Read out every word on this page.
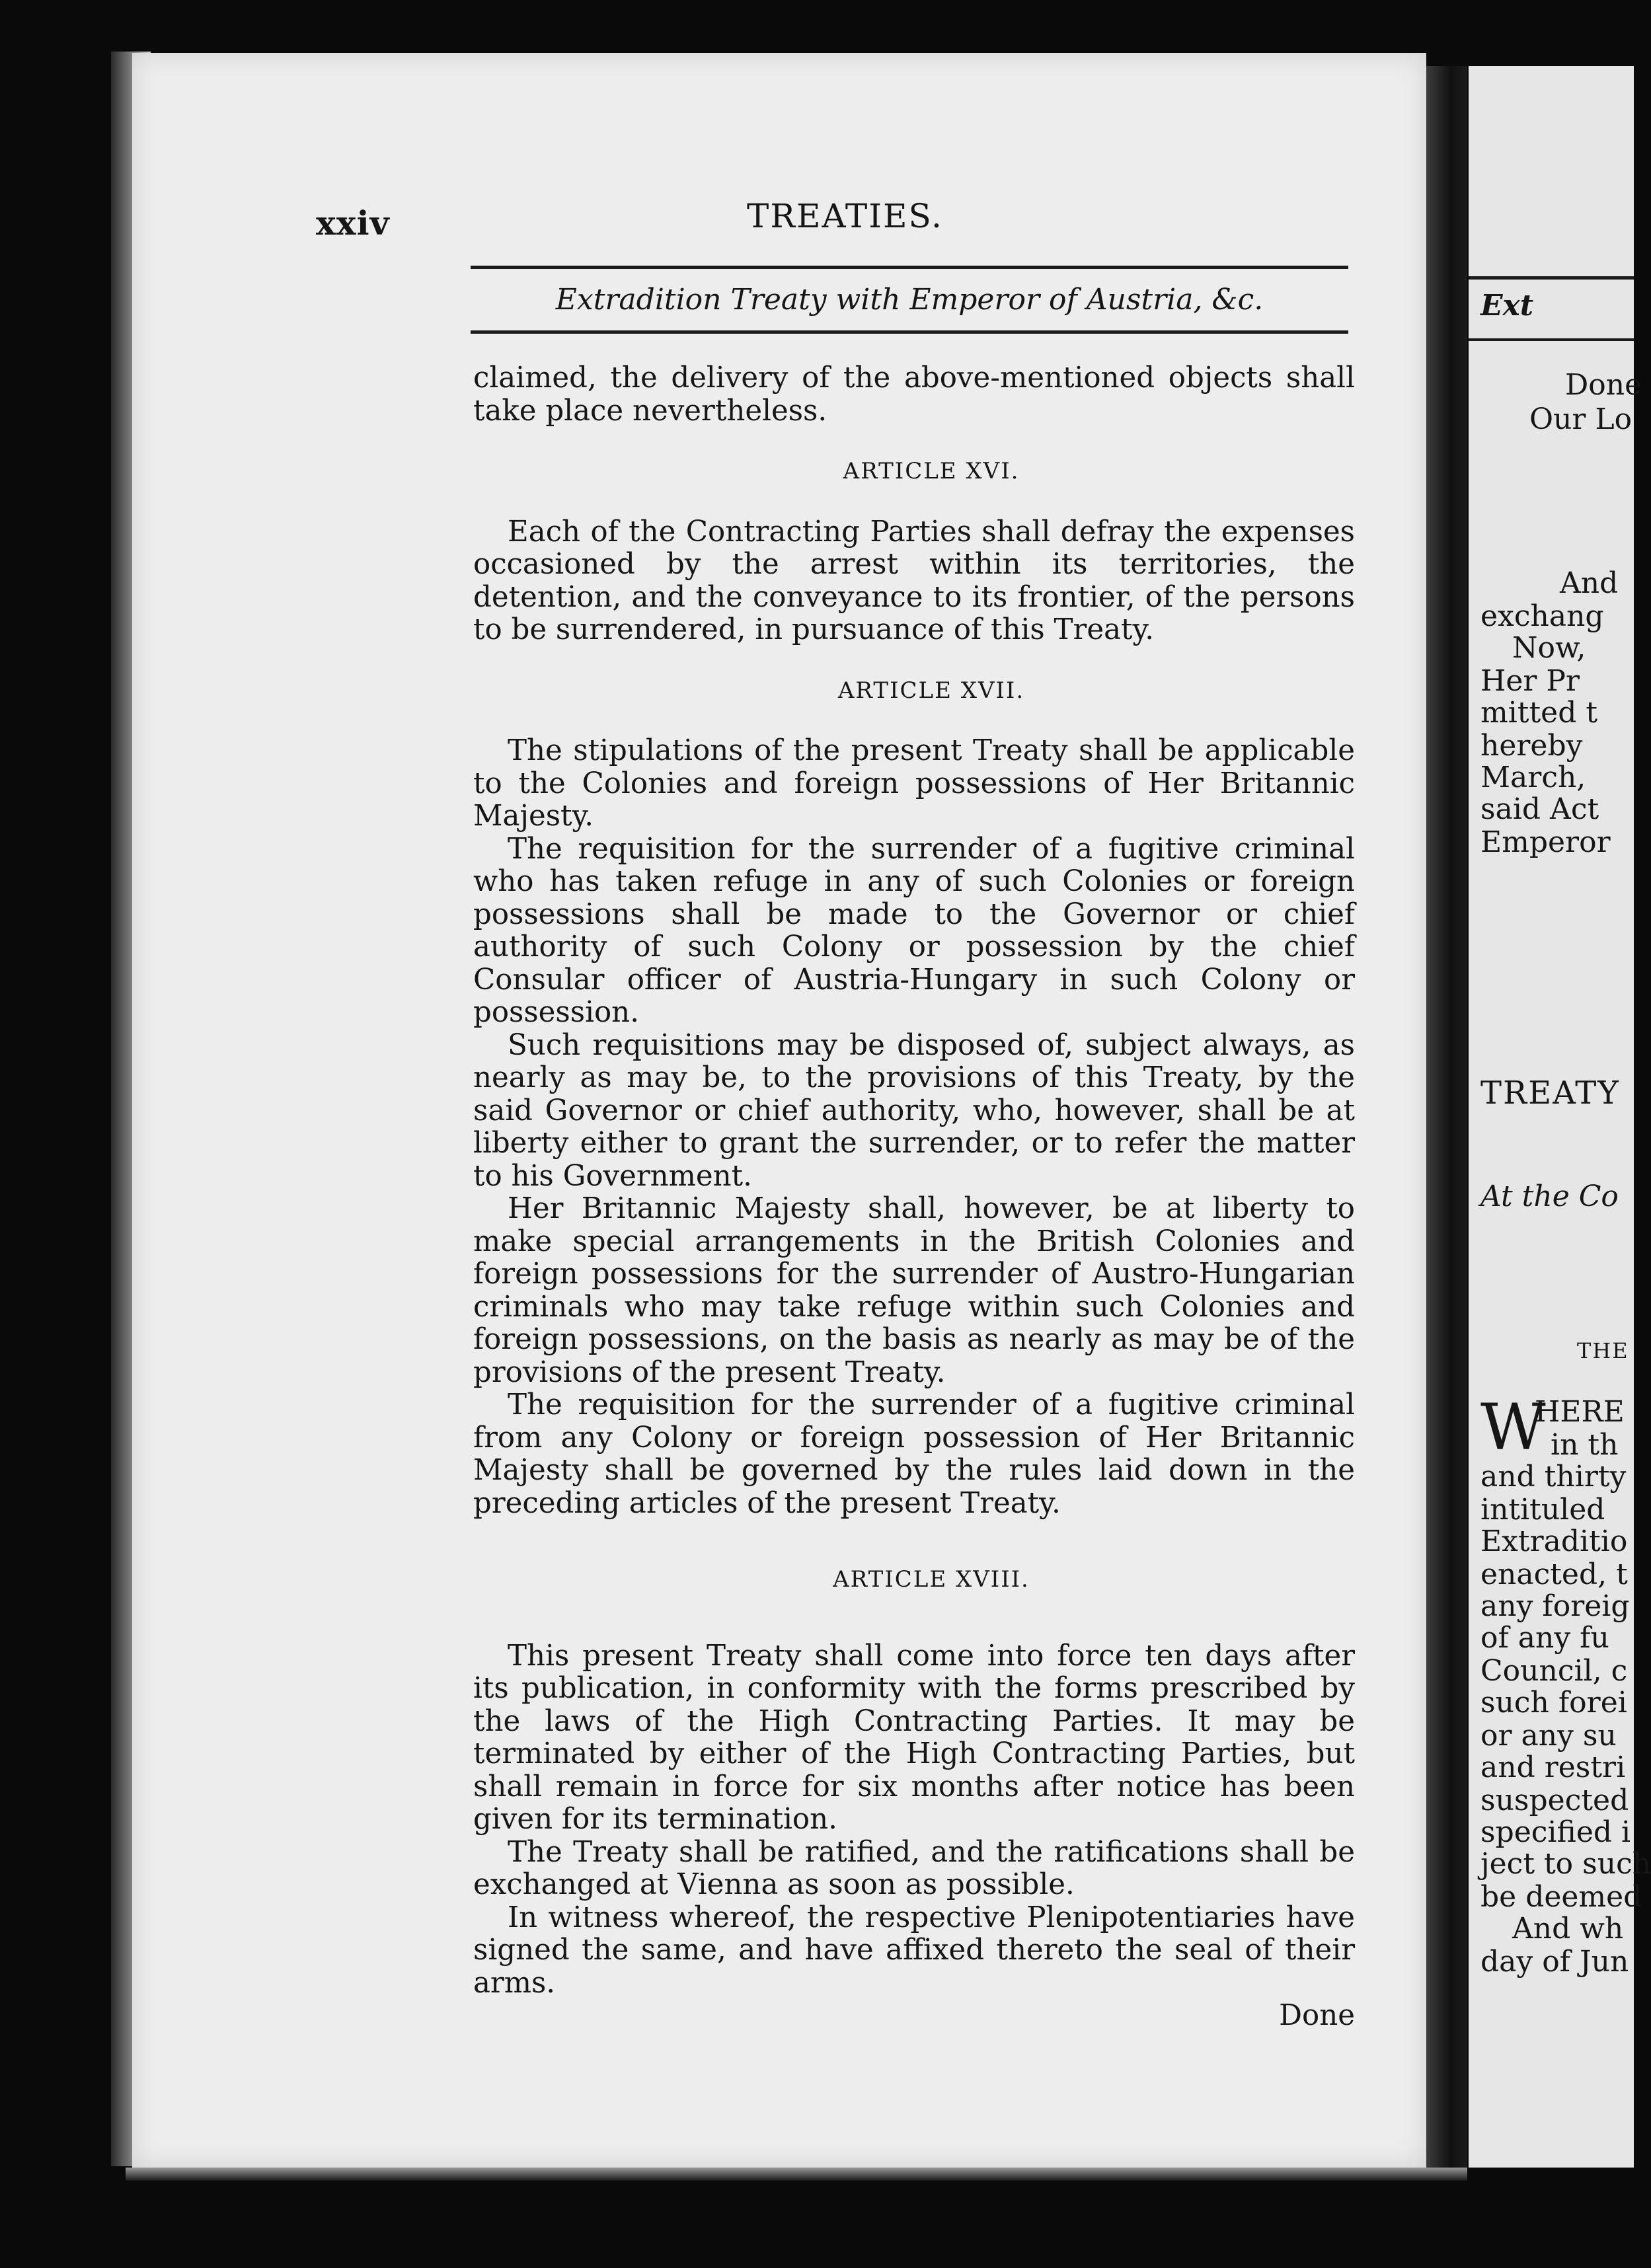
xxiv	TREATIES.
Extradition Treaty with Emperor of Austria, &c.

claimed, the delivery of the above-mentioned objects shall take place nevertheless.

ARTICLE XVI.

Each of the Contracting Parties shall defray the expenses occasioned by the arrest within its territories, the detention, and the conveyance to its frontier, of the persons to be surrendered, in pursuance of this Treaty.

ARTICLE XVII.

The stipulations of the present Treaty shall be applicable to the Colonies and foreign possessions of Her Britannic Majesty.

The requisition for the surrender of a fugitive criminal who has taken refuge in any of such Colonies or foreign possessions shall be made to the Governor or chief authority of such Colony or possession by the chief Consular officer of Austria-Hungary in such Colony or possession.

Such requisitions may be disposed of, subject always, as nearly as may be, to the provisions of this Treaty, by the said Governor or chief authority, who, however, shall be at liberty either to grant the surrender, or to refer the matter to his Government.

Her Britannic Majesty shall, however, be at liberty to make special arrangements in the British Colonies and foreign possessions for the surrender of Austro-Hungarian criminals who may take refuge within such Colonies and foreign possessions, on the basis as nearly as may be of the provisions of the present Treaty.

The requisition for the surrender of a fugitive criminal from any Colony or foreign possession of Her Britannic Majesty shall be governed by the rules laid down in the preceding articles of the present Treaty.

ARTICLE XVIII.

This present Treaty shall come into force ten days after its publication, in conformity with the forms prescribed by the laws of the High Contracting Parties. It may be terminated by either of the High Contracting Parties, but shall remain in force for six months after notice has been given for its termination.

The Treaty shall be ratified, and the ratifications shall be exchanged at Vienna as soon as possible.

In witness whereof, the respective Plenipotentiaries have signed the same, and have affixed thereto the seal of their arms.

Done

Ext
Done
Our Lo
And
exchang
Now,
Her Pr
mitted t
hereby
March,
said Act
Emperor
TREATY
At the Co
THE
W
HERE
in th
and thirty
intituled
Extraditio
enacted, t
any foreig
of any fu
Council, c
such forei
or any su
and restri
suspected
specified i
ject to such
be deemed
And wh
day of Jun
